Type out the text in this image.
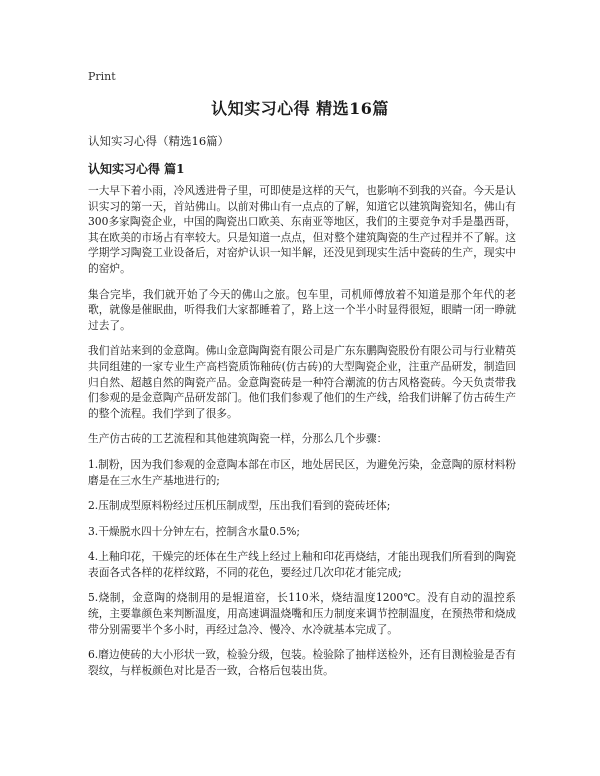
Print
认知实习心得 精选16篇
认知实习心得（精选16篇）
认知实习心得 篇1

一大早下着小雨，冷风透进骨子里，可即使是这样的天气，也影响不到我的兴奋。今天是认识实习的第一天，首站佛山。以前对佛山有一点点的了解，知道它以建筑陶瓷知名，佛山有300多家陶瓷企业，中国的陶瓷出口欧美、东南亚等地区，我们的主要竞争对手是墨西哥，其在欧美的市场占有率较大。只是知道一点点，但对整个建筑陶瓷的生产过程并不了解。这学期学习陶瓷工业设备后，对窑炉认识一知半解，还没见到现实生活中瓷砖的生产，现实中的窑炉。

集合完毕，我们就开始了今天的佛山之旅。包车里，司机师傅放着不知道是那个年代的老歌，就像是催眠曲，听得我们大家都睡着了，路上这一个半小时显得很短，眼睛一闭一睁就过去了。

我们首站来到的金意陶。佛山金意陶陶瓷有限公司是广东东鹏陶瓷股份有限公司与行业精英共同组建的一家专业生产高档瓷质饰釉砖(仿古砖)的大型陶瓷企业，注重产品研发，制造回归自然、超越自然的陶瓷产品。金意陶瓷砖是一种符合潮流的仿古风格瓷砖。今天负责带我们参观的是金意陶产品研发部门。他们我们参观了他们的生产线，给我们讲解了仿古砖生产的整个流程。我们学到了很多。

生产仿古砖的工艺流程和其他建筑陶瓷一样，分那么几个步骤：

1.制粉，因为我们参观的金意陶本部在市区，地处居民区，为避免污染，金意陶的原材料粉磨是在三水生产基地进行的;

2.压制成型原料粉经过压机压制成型，压出我们看到的瓷砖坯体;

3.干燥脱水四十分钟左右，控制含水量0.5%;

4.上釉印花，干燥完的坯体在生产线上经过上釉和印花再烧结，才能出现我们所看到的陶瓷表面各式各样的花样纹路，不同的花色，要经过几次印花才能完成;

5.烧制，金意陶的烧制用的是辊道窑，长110米，烧结温度1200℃。没有自动的温控系统，主要靠颜色来判断温度，用高速调温烧嘴和压力制度来调节控制温度，在预热带和烧成带分别需要半个多小时，再经过急冷、慢冷、水冷就基本完成了。

6.磨边使砖的大小形状一致，检验分级，包装。检验除了抽样送检外，还有目测检验是否有裂纹，与样板颜色对比是否一致，合格后包装出货。
